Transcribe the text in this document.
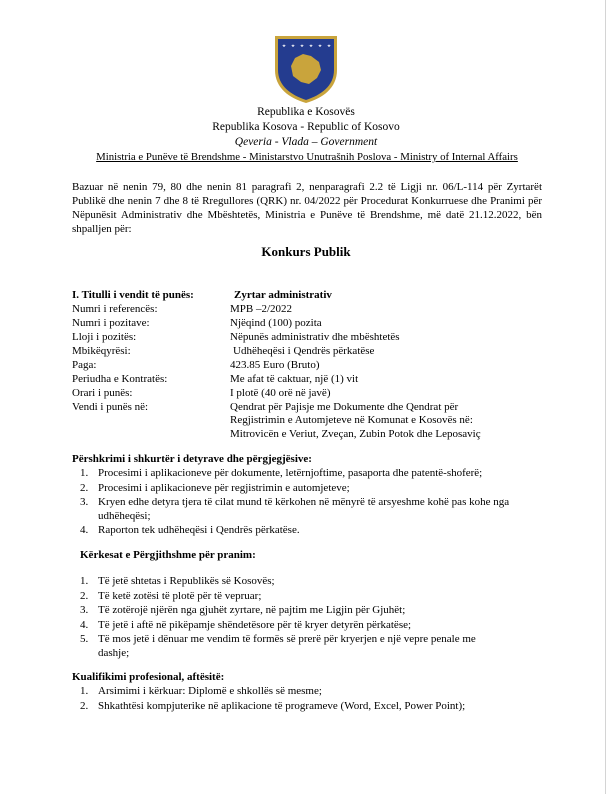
Republika e Kosovës
Republika Kosova - Republic of Kosovo
Qeveria - Vlada – Government
Ministria e Punëve të Brendshme - Ministarstvo Unutrašnih Poslova - Ministry of Internal Affairs
Bazuar në nenin 79, 80 dhe nenin 81 paragrafi 2, nenparagrafi 2.2 të Ligji nr. 06/L-114 për Zyrtarët Publikë dhe nenin 7 dhe 8 të Rregullores (QRK) nr. 04/2022 për Procedurat Konkurruese dhe Pranimi për Nëpunësit Administrativ dhe Mbështetës, Ministria e Punëve të Brendshme, më datë 21.12.2022, bën shpalljen për:
Konkurs Publik
I. Titulli i vendit të punës:	Zyrtar administrativ
Numri i referencës:	MPB –2/2022
Numri i pozitave:	Njëqind (100) pozita
Lloji i pozitës:	Nëpunës administrativ dhe mbështetës
Mbikëqyrësi:	Udhëheqësi i Qendrës përkatëse
Paga:	423.85 Euro (Bruto)
Periudha e Kontratës:	Me afat të caktuar, një (1) vit
Orari i punës:	I plotë (40 orë në javë)
Vendi i punës në:	Qendrat për Pajisje me Dokumente dhe Qendrat për
Regjistrimin e Automjeteve në Komunat e Kosovës në:
Mitrovicën e Veriut, Zveçan, Zubin Potok dhe Leposaviç
Përshkrimi i shkurtër i detyrave dhe përgjegjësive:
1. Procesimi i aplikacioneve për dokumente, letërnjoftime, pasaporta dhe patentë-shoferë;
2. Procesimi i aplikacioneve për regjistrimin e automjeteve;
3. Kryen edhe detyra tjera të cilat mund të kërkohen në mënyrë të arsyeshme kohë pas kohe nga
udhëheqësi;
4. Raporton tek udhëheqësi i Qendrës përkatëse.
Kërkesat e Përgjithshme për pranim:
1. Të jetë shtetas i Republikës së Kosovës;
2. Të ketë zotësi të plotë për të vepruar;
3. Të zotërojë njërën nga gjuhët zyrtare, në pajtim me Ligjin për Gjuhët;
4. Të jetë i aftë në pikëpamje shëndetësore për të kryer detyrën përkatëse;
5. Të mos jetë i dënuar me vendim të formës së prerë për kryerjen e një vepre penale me
dashje;
Kualifikimi profesional, aftësitë:
1. Arsimimi i kërkuar: Diplomë e shkollës së mesme;
2. Shkathtësi kompjuterike në aplikacione të programeve (Word, Excel, Power Point);
